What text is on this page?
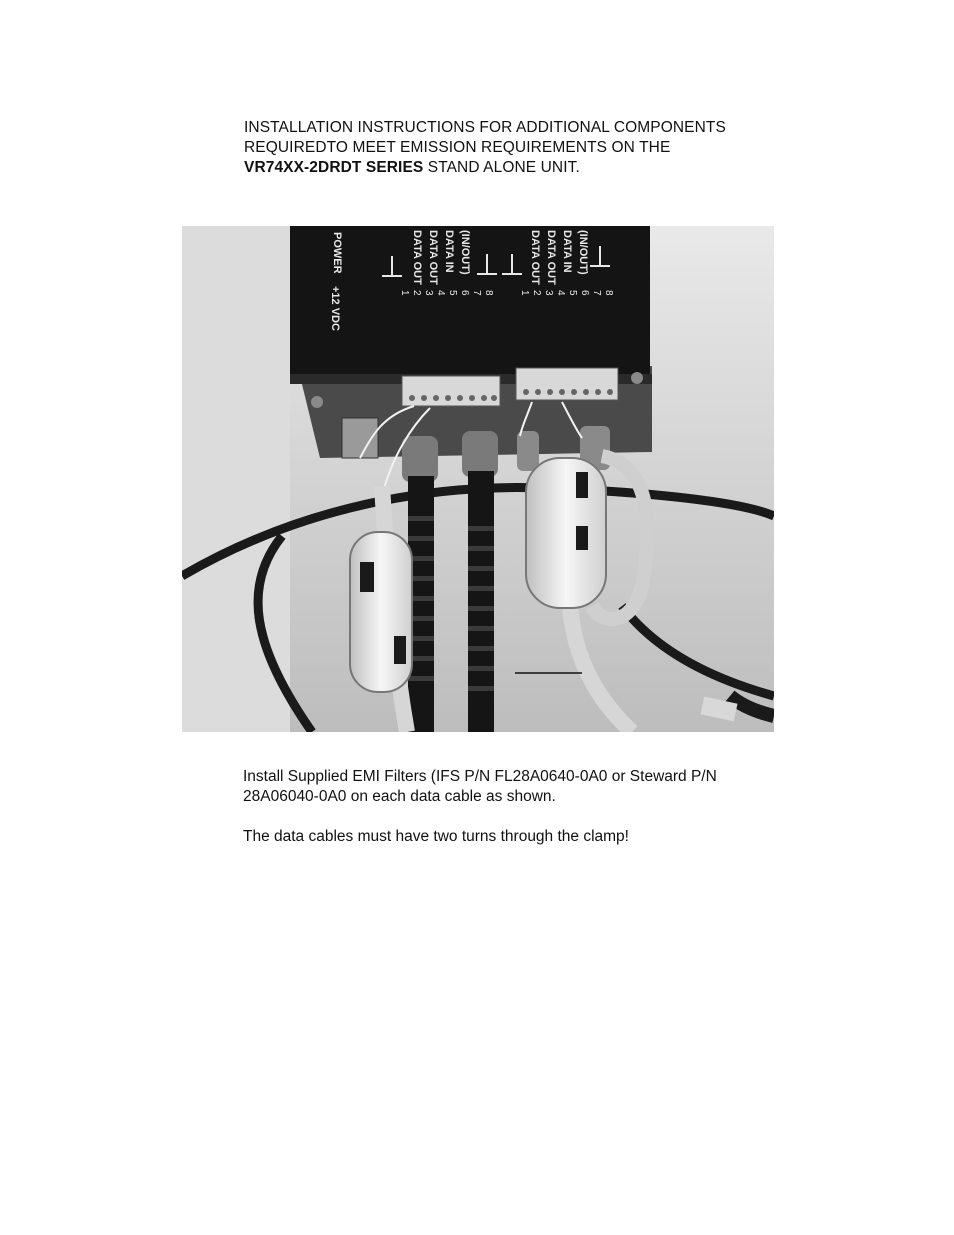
INSTALLATION INSTRUCTIONS FOR ADDITIONAL COMPONENTS
REQUIREDTO MEET EMISSION REQUIREMENTS ON THE
VR74XX-2DRDT SERIES STAND ALONE UNIT.
POWER
+12 VDC
DATA OUT DATA OUT DATA IN (IN/OUT)	DATA OUT DATA OUT DATA IN (IN/OUT)
1 2 3 4 5 6 7 8	1 2 3 4 5 6 7 8

Install Supplied EMI Filters (IFS P/N FL28A0640-0A0 or Steward P/N
28A06040-0A0 on each data cable as shown.

The data cables must have two turns through the clamp!
